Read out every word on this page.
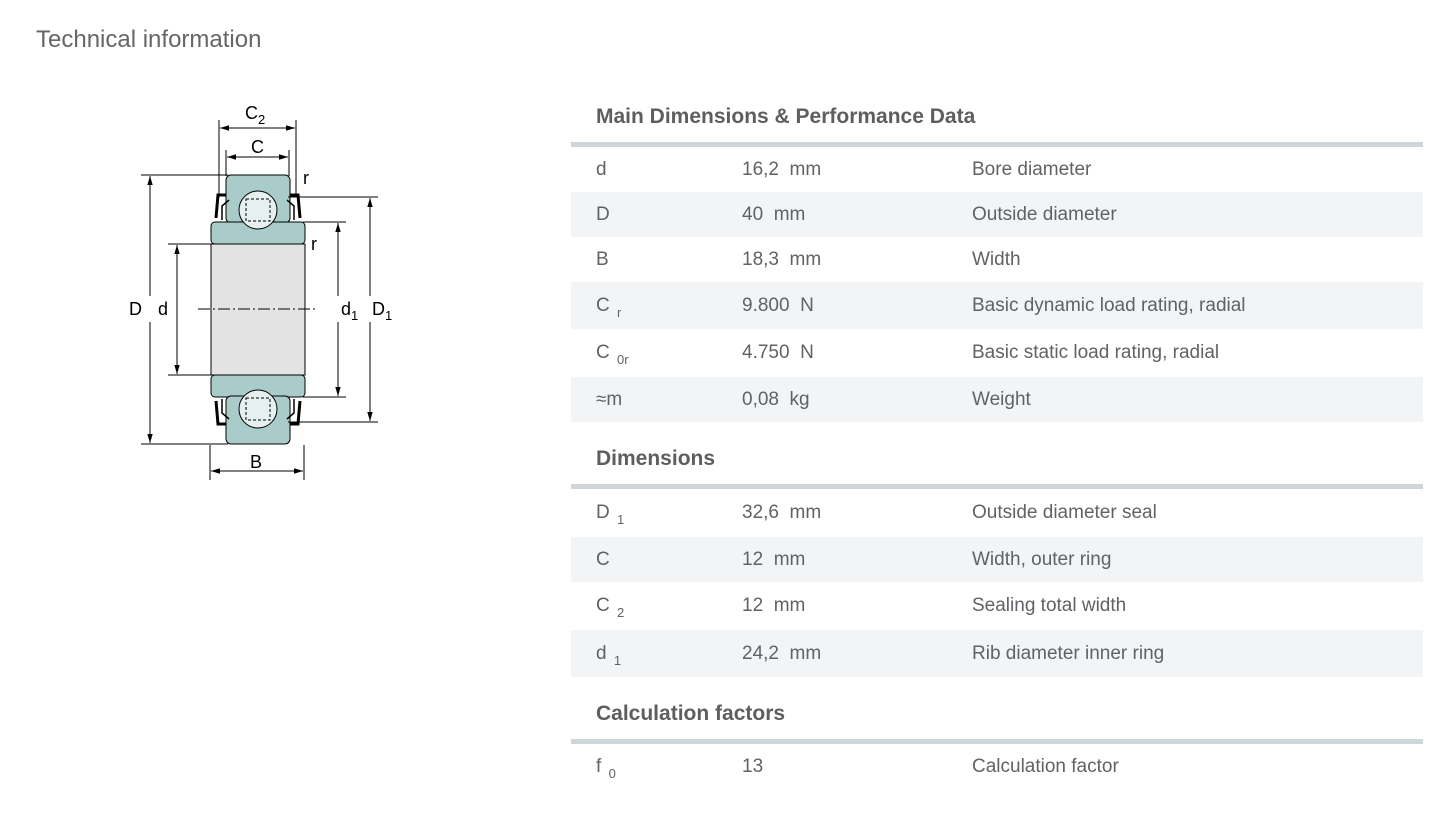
Technical information
$C_2$
C
r
r
D d	$d_1$ $D_1$
B
Main Dimensions & Performance Data
d	16,2 mm	Bore diameter
D	40 mm	Outside diameter
B	18,3 mm	Width
C $_r$	9.800 N	Basic dynamic load rating, radial
C $_{0r}$	4.750 N	Basic static load rating, radial
≈m	0,08 kg	Weight
Dimensions
D $_1$	32,6 mm	Outside diameter seal
C	12 mm	Width, outer ring
C $_2$	12 mm	Sealing total width
d $_1$	24,2 mm	Rib diameter inner ring
Calculation factors
f $_0$	13	Calculation factor
